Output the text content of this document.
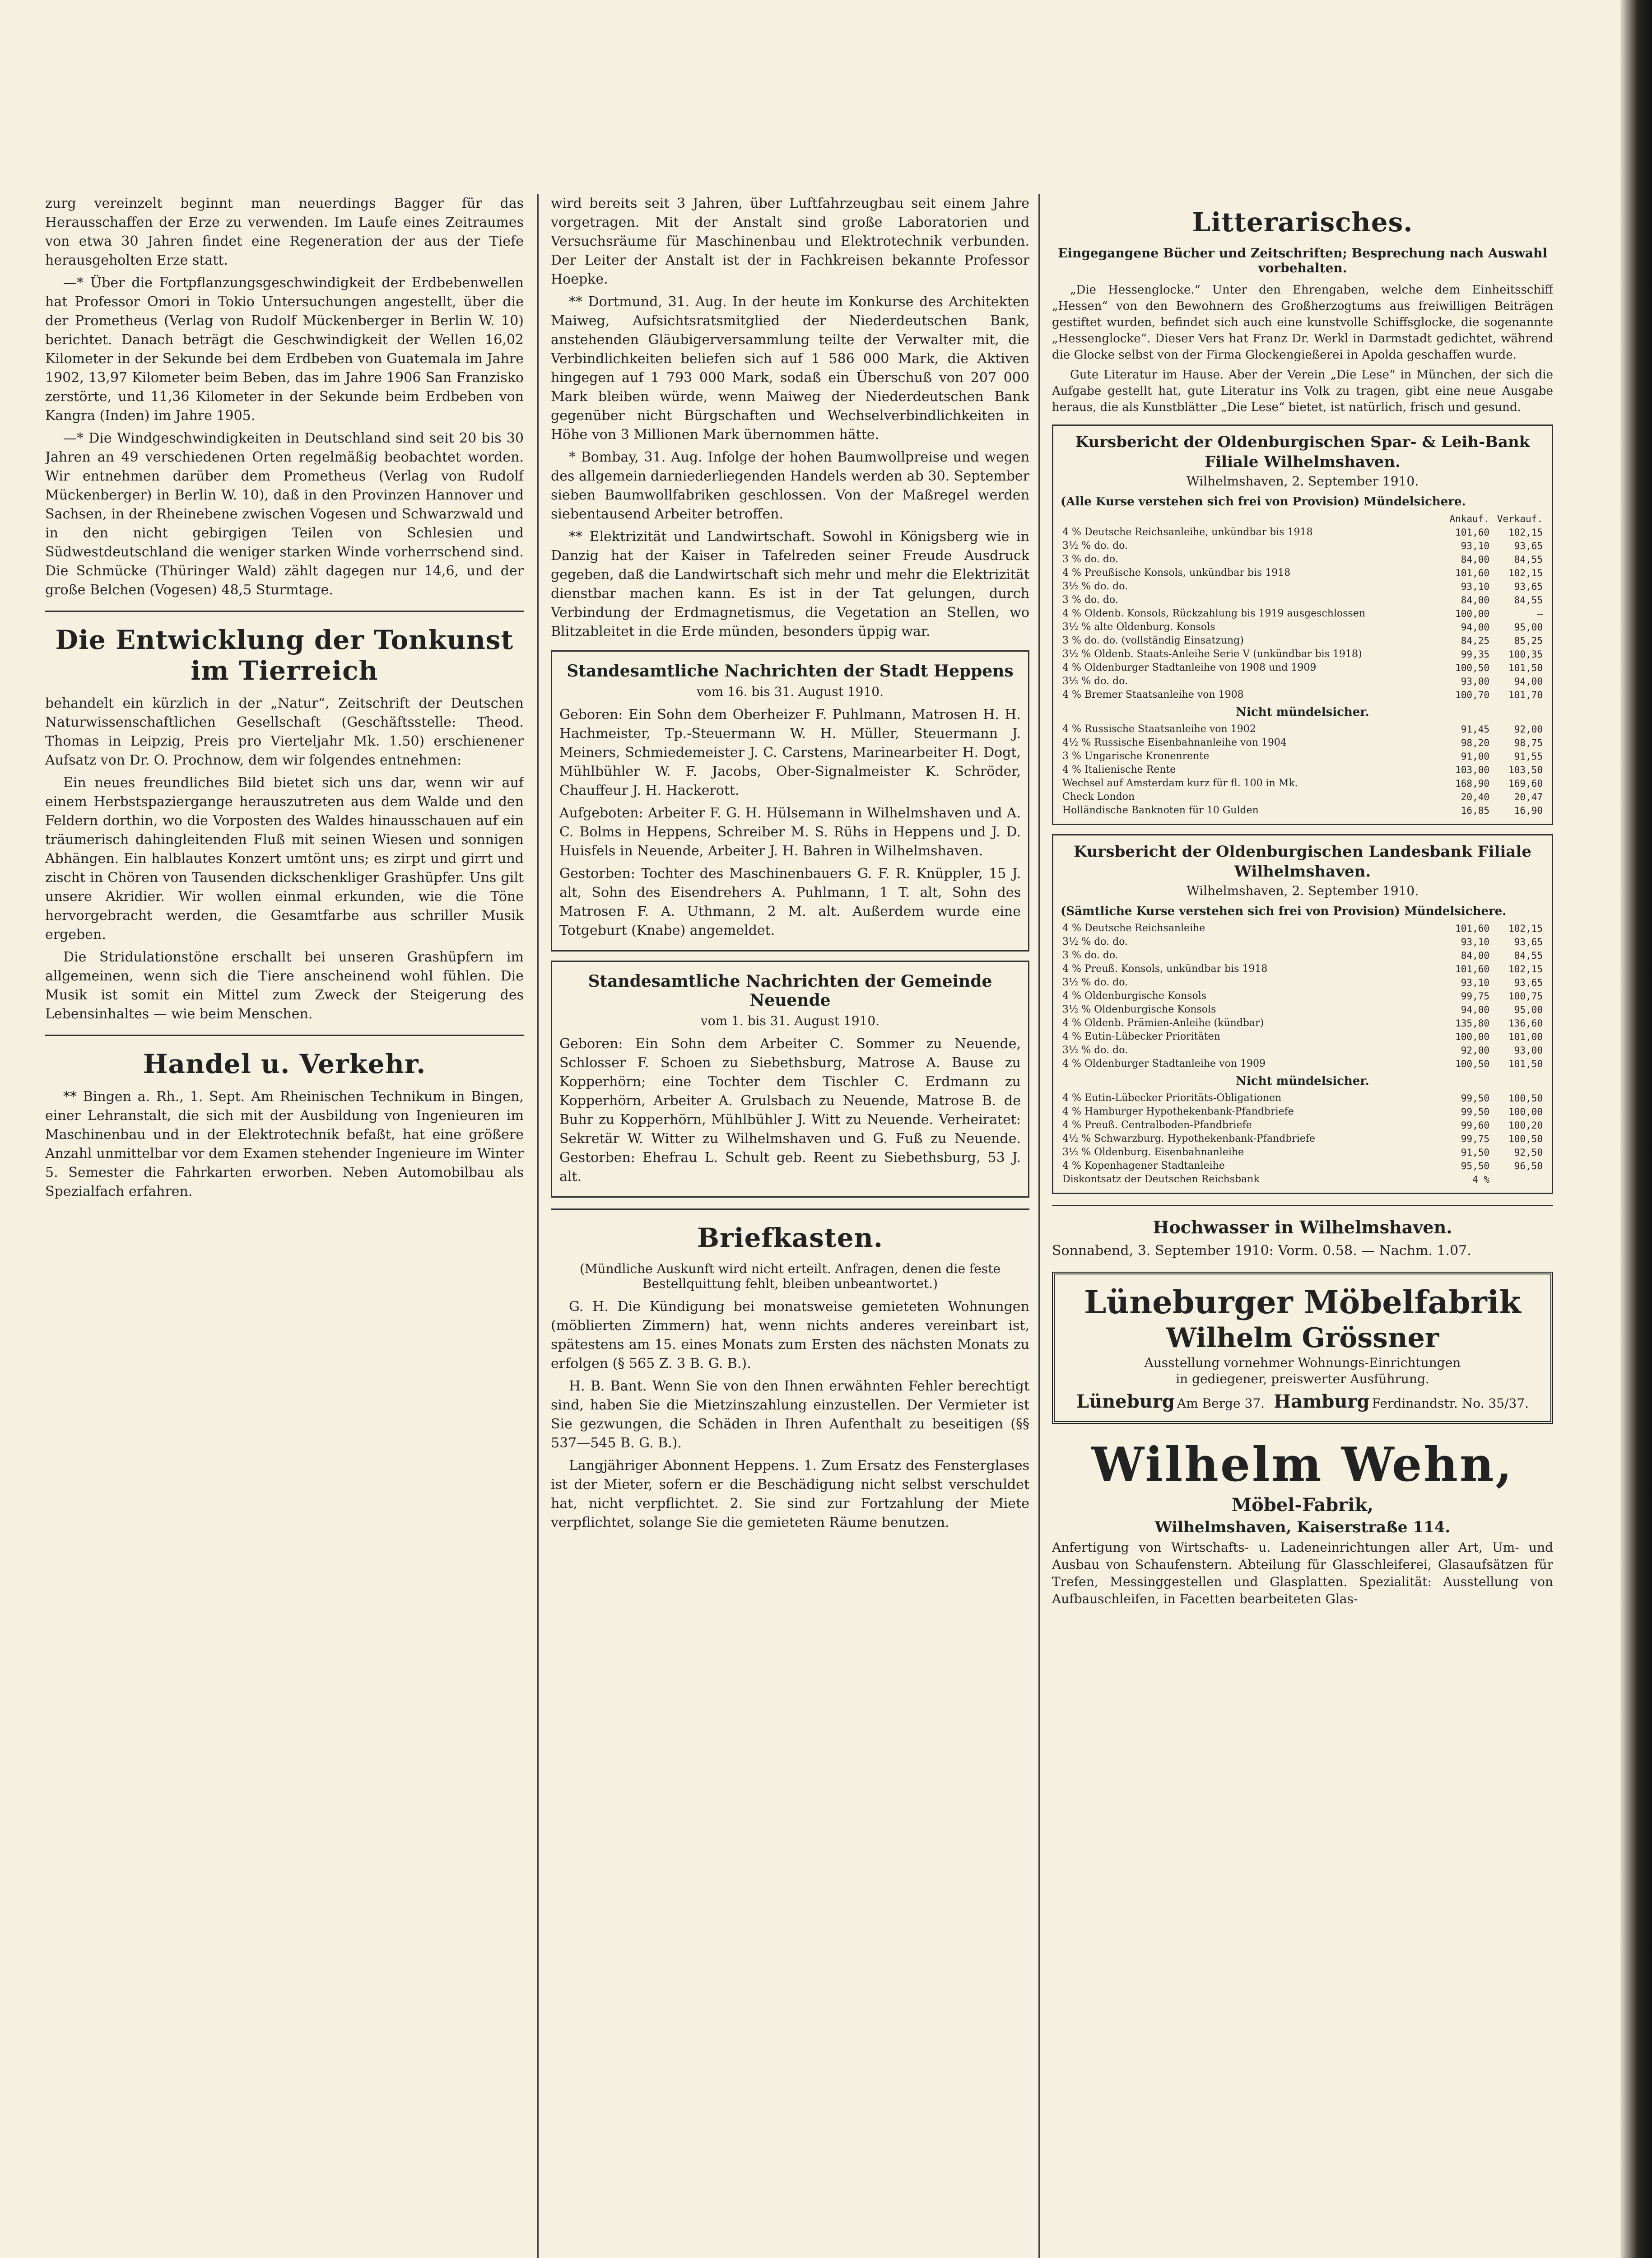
zurg vereinzelt beginnt man neuerdings Bagger für das Herausschaffen der Erze zu verwenden. Im Laufe eines Zeitraumes von etwa 30 Jahren findet eine Regeneration der aus der Tiefe herausgeholten Erze statt.

—* Über die Fortpflanzungsgeschwindigkeit der Erdbebenwellen hat Professor Omori in Tokio Untersuchungen angestellt, über die der Prometheus (Verlag von Rudolf Mückenberger in Berlin W. 10) berichtet. Danach beträgt die Geschwindigkeit der Wellen 16,02 Kilometer in der Sekunde bei dem Erdbeben von Guatemala im Jahre 1902, 13,97 Kilometer beim Beben, das im Jahre 1906 San Franzisko zerstörte, und 11,36 Kilometer in der Sekunde beim Erdbeben von Kangra (Inden) im Jahre 1905.

—* Die Windgeschwindigkeiten in Deutschland sind seit 20 bis 30 Jahren an 49 verschiedenen Orten regelmäßig beobachtet worden. Wir entnehmen darüber dem Prometheus (Verlag von Rudolf Mückenberger) in Berlin W. 10), daß in den Provinzen Hannover und Sachsen, in der Rheinebene zwischen Vogesen und Schwarzwald und in den nicht gebirgigen Teilen von Schlesien und Südwestdeutschland die weniger starken Winde vorherrschend sind. Die Schmücke (Thüringer Wald) zählt dagegen nur 14,6, und der große Belchen (Vogesen) 48,5 Sturmtage.

Die Entwicklung der Tonkunst im Tierreich

behandelt ein kürzlich in der „Natur“, Zeitschrift der Deutschen Naturwissenschaftlichen Gesellschaft (Geschäftsstelle: Theod. Thomas in Leipzig, Preis pro Vierteljahr Mk. 1.50) erschienener Aufsatz von Dr. O. Prochnow, dem wir folgendes entnehmen:

Ein neues freundliches Bild bietet sich uns dar, wenn wir auf einem Herbstspaziergange herauszutreten aus dem Walde und den Feldern dorthin, wo die Vorposten des Waldes hinausschauen auf ein träumerisch dahingleitenden Fluß mit seinen Wiesen und sonnigen Abhängen. Ein halblautes Konzert umtönt uns; es zirpt und girrt und zischt in Chören von Tausenden dickschenkliger Grashüpfer. Uns gilt unsere Akridier. Wir wollen einmal erkunden, wie die Töne hervorgebracht werden, die Gesamtfarbe aus schriller Musik ergeben.

Die Stridulationstöne erschallt bei unseren Grashüpfern im allgemeinen, wenn sich die Tiere anscheinend wohl fühlen. Die Musik ist somit ein Mittel zum Zweck der Steigerung des Lebensinhaltes — wie beim Menschen.

Handel u. Verkehr.

** Bingen a. Rh., 1. Sept. Am Rheinischen Technikum in Bingen, einer Lehranstalt, die sich mit der Ausbildung von Ingenieuren im Maschinenbau und in der Elektrotechnik befaßt, hat eine größere Anzahl unmittelbar vor dem Examen stehender Ingenieure im Winter 5. Semester die Fahrkarten erworben. Neben Automobilbau als Spezialfach erfahren.

wird bereits seit 3 Jahren, über Luftfahrzeugbau seit einem Jahre vorgetragen. Mit der Anstalt sind große Laboratorien und Versuchsräume für Maschinenbau und Elektrotechnik verbunden. Der Leiter der Anstalt ist der in Fachkreisen bekannte Professor Hoepke.

** Dortmund, 31. Aug. In der heute im Konkurse des Architekten Maiweg, Aufsichtsratsmitglied der Niederdeutschen Bank, anstehenden Gläubigerversammlung teilte der Verwalter mit, die Verbindlichkeiten beliefen sich auf 1 586 000 Mark, die Aktiven hingegen auf 1 793 000 Mark, sodaß ein Überschuß von 207 000 Mark bleiben würde, wenn Maiweg der Niederdeutschen Bank gegenüber nicht Bürgschaften und Wechselverbindlichkeiten in Höhe von 3 Millionen Mark übernommen hätte.

* Bombay, 31. Aug. Infolge der hohen Baumwollpreise und wegen des allgemein darniederliegenden Handels werden ab 30. September sieben Baumwollfabriken geschlossen. Von der Maßregel werden siebentausend Arbeiter betroffen.

** Elektrizität und Landwirtschaft. Sowohl in Königsberg wie in Danzig hat der Kaiser in Tafelreden seiner Freude Ausdruck gegeben, daß die Landwirtschaft sich mehr und mehr die Elektrizität dienstbar machen kann. Es ist in der Tat gelungen, durch Verbindung der Erdmagnetismus, die Vegetation an Stellen, wo Blitzableitet in die Erde münden, besonders üppig war.

Standesamtliche Nachrichten der Stadt Heppens
vom 16. bis 31. August 1910.

Geboren: Ein Sohn dem Oberheizer F. Puhlmann, Matrosen H. H. Hachmeister, Tp.-Steuermann W. H. Müller, Steuermann J. Meiners, Schmiedemeister J. C. Carstens, Marinearbeiter H. Dogt, Mühlbühler W. F. Jacobs, Ober-Signalmeister K. Schröder, Chauffeur J. H. Hackerott.

Aufgeboten: Arbeiter F. G. H. Hülsemann in Wilhelmshaven und A. C. Bolms in Heppens, Schreiber M. S. Rühs in Heppens und J. D. Huisfels in Neuende, Arbeiter J. H. Bahren in Wilhelmshaven.

Gestorben: Tochter des Maschinenbauers G. F. R. Knüppler, 15 J. alt, Sohn des Eisendrehers A. Puhlmann, 1 T. alt, Sohn des Matrosen F. A. Uthmann, 2 M. alt. Außerdem wurde eine Totgeburt (Knabe) angemeldet.

Standesamtliche Nachrichten der Gemeinde Neuende
vom 1. bis 31. August 1910.

Geboren: Ein Sohn dem Arbeiter C. Sommer zu Neuende, Schlosser F. Schoen zu Siebethsburg, Matrose A. Bause zu Kopperhörn; eine Tochter dem Tischler C. Erdmann zu Kopperhörn, Arbeiter A. Grulsbach zu Neuende, Matrose B. de Buhr zu Kopperhörn, Mühlbühler J. Witt zu Neuende. Verheiratet: Sekretär W. Witter zu Wilhelmshaven und G. Fuß zu Neuende. Gestorben: Ehefrau L. Schult geb. Reent zu Siebethsburg, 53 J. alt.

Briefkasten.
(Mündliche Auskunft wird nicht erteilt. Anfragen, denen die feste Bestellquittung fehlt, bleiben unbeantwortet.)

G. H. Die Kündigung bei monatsweise gemieteten Wohnungen (möblierten Zimmern) hat, wenn nichts anderes vereinbart ist, spätestens am 15. eines Monats zum Ersten des nächsten Monats zu erfolgen (§ 565 Z. 3 B. G. B.).

H. B. Bant. Wenn Sie von den Ihnen erwähnten Fehler berechtigt sind, haben Sie die Mietzinszahlung einzustellen. Der Vermieter ist Sie gezwungen, die Schäden in Ihren Aufenthalt zu beseitigen (§§ 537—545 B. G. B.).

Langjähriger Abonnent Heppens. 1. Zum Ersatz des Fensterglases ist der Mieter, sofern er die Beschädigung nicht selbst verschuldet hat, nicht verpflichtet. 2. Sie sind zur Fortzahlung der Miete verpflichtet, solange Sie die gemieteten Räume benutzen.

Litterarisches.
Eingegangene Bücher und Zeitschriften; Besprechung nach Auswahl vorbehalten.

„Die Hessenglocke.“ Unter den Ehrengaben, welche dem Einheitsschiff „Hessen“ von den Bewohnern des Großherzogtums aus freiwilligen Beiträgen gestiftet wurden, befindet sich auch eine kunstvolle Schiffsglocke, die sogenannte „Hessenglocke“. Dieser Vers hat Franz Dr. Werkl in Darmstadt gedichtet, während die Glocke selbst von der Firma Glockengießerei in Apolda geschaffen wurde.

Gute Literatur im Hause. Aber der Verein „Die Lese“ in München, der sich die Aufgabe gestellt hat, gute Literatur ins Volk zu tragen, gibt eine neue Ausgabe heraus, die als Kunstblätter „Die Lese“ bietet, ist natürlich, frisch und gesund.

Kursbericht der Oldenburgischen Spar- & Leih-Bank Filiale Wilhelmshaven.
Wilhelmshaven, 2. September 1910.
(Alle Kurse verstehen sich frei von Provision) Mündelsichere.
	Ankauf.	Verkauf.
4 % Deutsche Reichsanleihe, unkündbar bis 1918	101,60	102,15
3½ % do. do.	93,10	93,65
3 % do. do.	84,00	84,55
4 % Preußische Konsols, unkündbar bis 1918	101,60	102,15
3½ % do. do.	93,10	93,65
3 % do. do.	84,00	84,55
4 % Oldenb. Konsols, Rückzahlung bis 1919 ausgeschlossen	100,00	—
3½ % alte Oldenburg. Konsols	94,00	95,00
3 % do. do. (vollständig Einsatzung)	84,25	85,25
3½ % Oldenb. Staats-Anleihe Serie V (unkündbar bis 1918)	99,35	100,35
4 % Oldenburger Stadtanleihe von 1908 und 1909	100,50	101,50
3½ % do. do.	93,00	94,00
4 % Bremer Staatsanleihe von 1908	100,70	101,70
Nicht mündelsicher.
4 % Russische Staatsanleihe von 1902	91,45	92,00
4½ % Russische Eisenbahnanleihe von 1904	98,20	98,75
3 % Ungarische Kronenrente	91,00	91,55
4 % Italienische Rente	103,00	103,50
Wechsel auf Amsterdam kurz für fl. 100 in Mk.	168,90	169,60
Check London	20,40	20,47
Holländische Banknoten für 10 Gulden	16,85	16,90
Kursbericht der Oldenburgischen Landesbank Filiale Wilhelmshaven.
Wilhelmshaven, 2. September 1910.
(Sämtliche Kurse verstehen sich frei von Provision) Mündelsichere.
4 % Deutsche Reichsanleihe	101,60	102,15
3½ % do. do.	93,10	93,65
3 % do. do.	84,00	84,55
4 % Preuß. Konsols, unkündbar bis 1918	101,60	102,15
3½ % do. do.	93,10	93,65
4 % Oldenburgische Konsols	99,75	100,75
3½ % Oldenburgische Konsols	94,00	95,00
4 % Oldenb. Prämien-Anleihe (kündbar)	135,80	136,60
4 % Eutin-Lübecker Prioritäten	100,00	101,00
3½ % do. do.	92,00	93,00
4 % Oldenburger Stadtanleihe von 1909	100,50	101,50
Nicht mündelsicher.
4 % Eutin-Lübecker Prioritäts-Obligationen	99,50	100,50
4 % Hamburger Hypothekenbank-Pfandbriefe	99,50	100,00
4 % Preuß. Centralboden-Pfandbriefe	99,60	100,20
4½ % Schwarzburg. Hypothekenbank-Pfandbriefe	99,75	100,50
3½ % Oldenburg. Eisenbahnanleihe	91,50	92,50
4 % Kopenhagener Stadtanleihe	95,50	96,50
Diskontsatz der Deutschen Reichsbank	4 %	
Hochwasser in Wilhelmshaven.
Sonnabend, 3. September 1910: Vorm. 0.58. — Nachm. 1.07.
Lüneburger Möbelfabrik
Wilhelm Grössner
Ausstellung vornehmer Wohnungs-Einrichtungen
in gediegener, preiswerter Ausführung.
Lüneburg Am Berge 37. Hamburg Ferdinandstr. No. 35/37.
Wilhelm Wehn,
Möbel-Fabrik,
Wilhelmshaven, Kaiserstraße 114.
Anfertigung von Wirtschafts- u. Ladeneinrichtungen aller Art, Um- und Ausbau von Schaufenstern. Abteilung für Glasschleiferei, Glasaufsätzen für Trefen, Messinggestellen und Glasplatten. Spezialität: Ausstellung von Aufbauschleifen, in Facetten bearbeiteten Glas-
